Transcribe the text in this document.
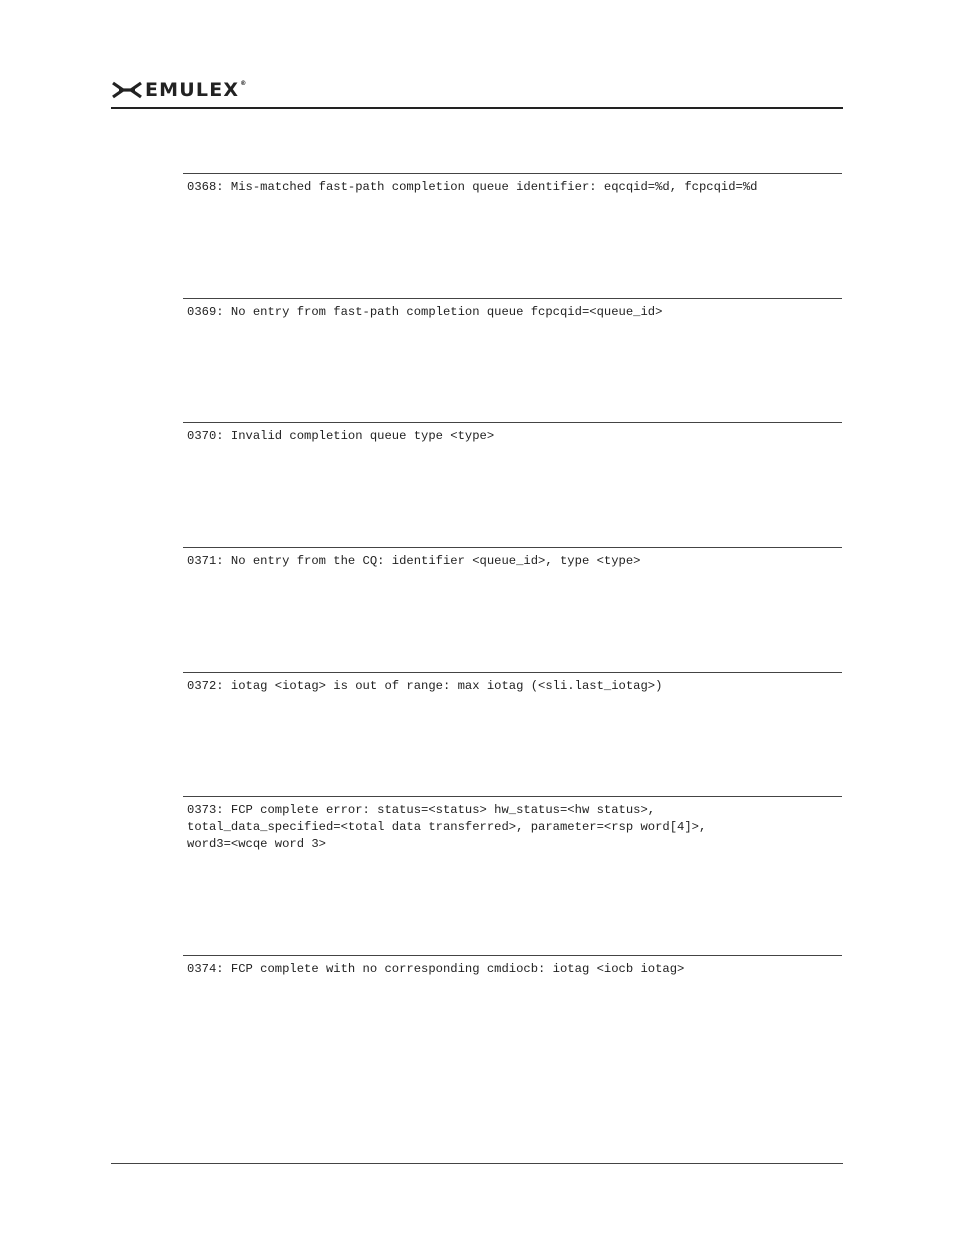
EMULEX®

0368: Mis-matched fast-path completion queue identifier: eqcqid=%d, fcpcqid=%d

0369: No entry from fast-path completion queue fcpcqid=<queue_id>

0370: Invalid completion queue type <type>

0371: No entry from the CQ: identifier <queue_id>, type <type>

0372: iotag <iotag> is out of range: max iotag (<sli.last_iotag>)

0373: FCP complete error: status=<status> hw_status=<hw status>,
total_data_specified=<total data transferred>, parameter=<rsp word[4]>,
word3=<wcqe word 3>

0374: FCP complete with no corresponding cmdiocb: iotag <iocb iotag>
